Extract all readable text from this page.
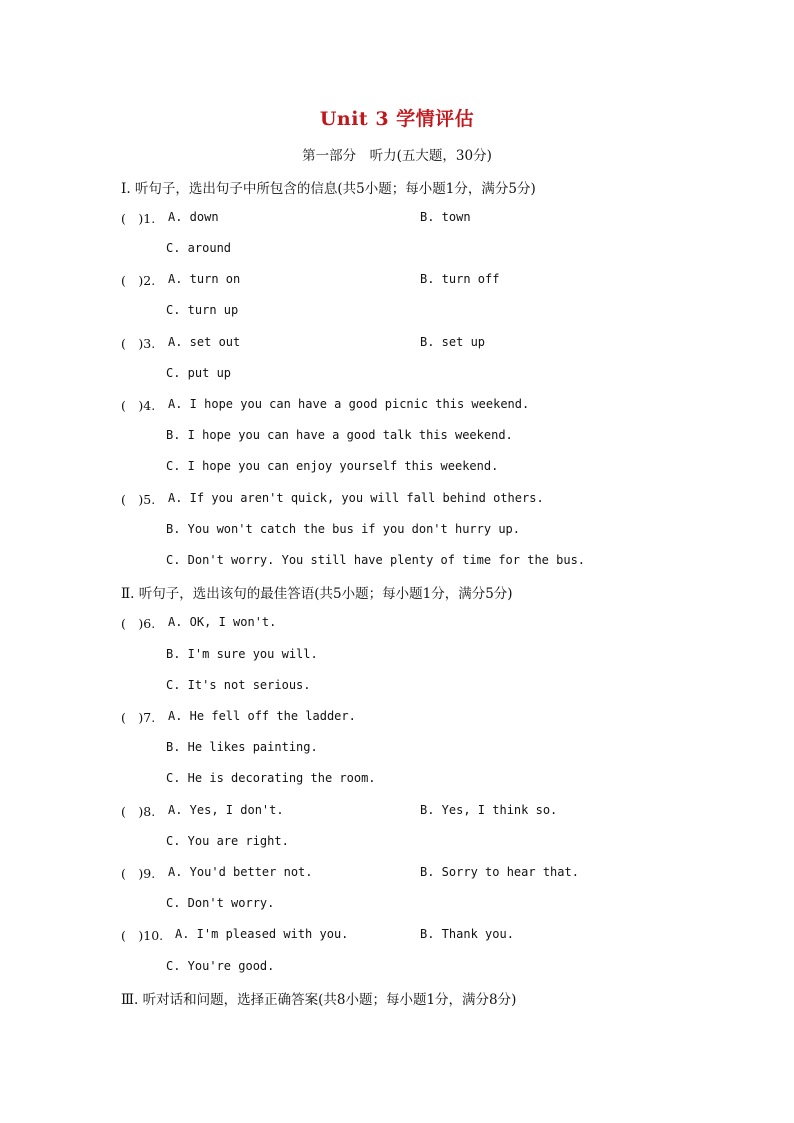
Unit 3 学情评估
第一部分　听力(五大题，30分)
Ⅰ. 听句子，选出句子中所包含的信息(共5小题；每小题1分，满分5分)
(　)1. A. down	B. town
C. around
(　)2. A. turn on	B. turn off
C. turn up
(　)3. A. set out	B. set up
C. put up
(　)4. A. I hope you can have a good picnic this weekend.
B. I hope you can have a good talk this weekend.
C. I hope you can enjoy yourself this weekend.
(　)5. A. If you aren't quick, you will fall behind others.
B. You won't catch the bus if you don't hurry up.
C. Don't worry. You still have plenty of time for the bus.
Ⅱ. 听句子，选出该句的最佳答语(共5小题；每小题1分，满分5分)
(　)6. A. OK, I won't.
B. I'm sure you will.
C. It's not serious.
(　)7. A. He fell off the ladder.
B. He likes painting.
C. He is decorating the room.
(　)8. A. Yes, I don't.	B. Yes, I think so.
C. You are right.
(　)9. A. You'd better not.	B. Sorry to hear that.
C. Don't worry.
(　)10. A. I'm pleased with you.	B. Thank you.
C. You're good.
Ⅲ. 听对话和问题，选择正确答案(共8小题；每小题1分，满分8分)
